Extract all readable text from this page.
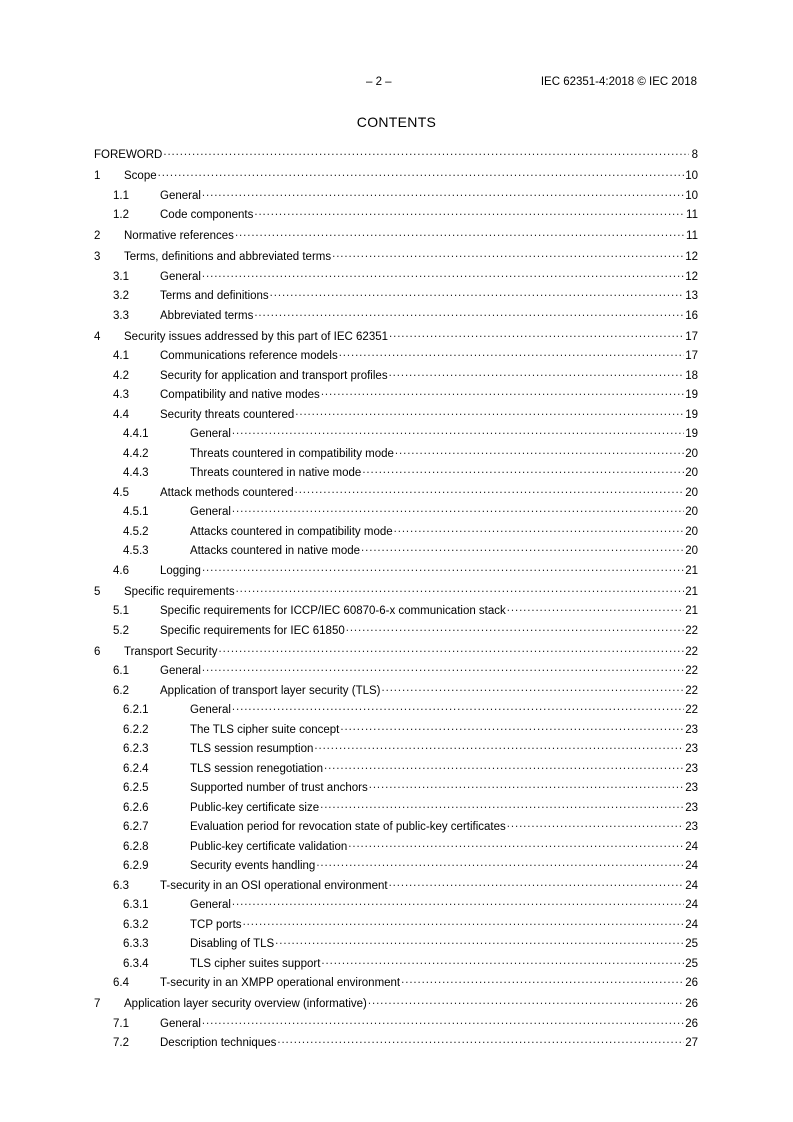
– 2 –	IEC 62351-4:2018 © IEC 2018
CONTENTS
FOREWORD .....	8
1	Scope .....	10
1.1	General .....	10
1.2	Code components .....	11
2	Normative references .....	11
3	Terms, definitions and abbreviated terms .....	12
3.1	General .....	12
3.2	Terms and definitions .....	13
3.3	Abbreviated terms .....	16
4	Security issues addressed by this part of IEC 62351 .....	17
4.1	Communications reference models .....	17
4.2	Security for application and transport profiles .....	18
4.3	Compatibility and native modes .....	19
4.4	Security threats countered .....	19
4.4.1	General .....	19
4.4.2	Threats countered in compatibility mode .....	20
4.4.3	Threats countered in native mode .....	20
4.5	Attack methods countered .....	20
4.5.1	General .....	20
4.5.2	Attacks countered in compatibility mode .....	20
4.5.3	Attacks countered in native mode .....	20
4.6	Logging .....	21
5	Specific requirements .....	21
5.1	Specific requirements for ICCP/IEC 60870-6-x communication stack .....	21
5.2	Specific requirements for IEC 61850 .....	22
6	Transport Security .....	22
6.1	General .....	22
6.2	Application of transport layer security (TLS) .....	22
6.2.1	General .....	22
6.2.2	The TLS cipher suite concept .....	23
6.2.3	TLS session resumption .....	23
6.2.4	TLS session renegotiation .....	23
6.2.5	Supported number of trust anchors .....	23
6.2.6	Public-key certificate size .....	23
6.2.7	Evaluation period for revocation state of public-key certificates .....	23
6.2.8	Public-key certificate validation .....	24
6.2.9	Security events handling .....	24
6.3	T-security in an OSI operational environment .....	24
6.3.1	General .....	24
6.3.2	TCP ports .....	24
6.3.3	Disabling of TLS .....	25
6.3.4	TLS cipher suites support .....	25
6.4	T-security in an XMPP operational environment .....	26
7	Application layer security overview (informative) .....	26
7.1	General .....	26
7.2	Description techniques .....	27
